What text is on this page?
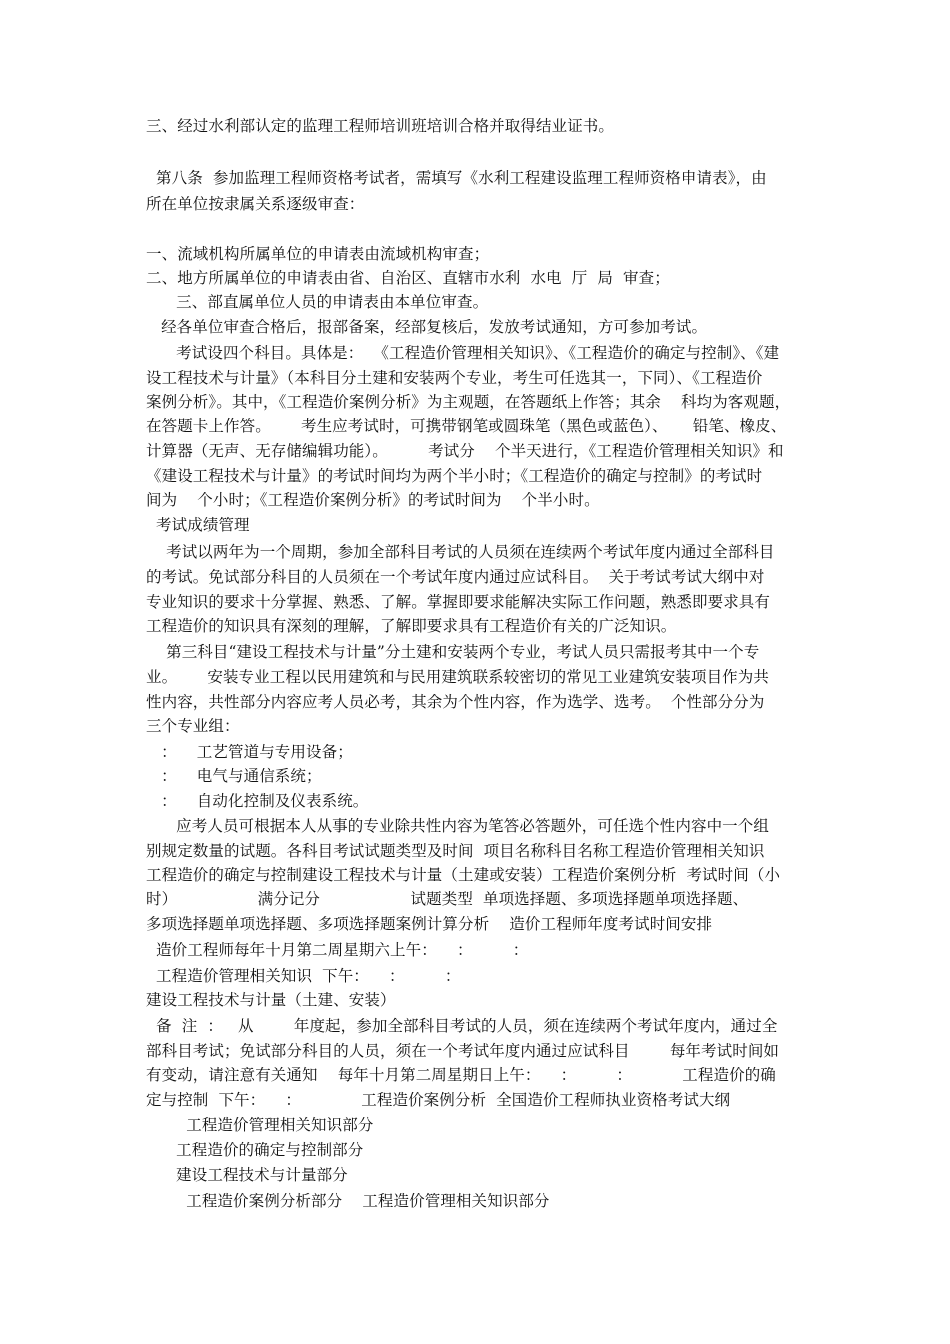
三、经过水利部认定的监理工程师培训班培训合格并取得结业证书。
第八条  参加监理工程师资格考试者，需填写《水利工程建设监理工程师资格申请表》，由
所在单位按隶属关系逐级审查：
一、流域机构所属单位的申请表由流域机构审查；
二、地方所属单位的申请表由省、自治区、直辖市水利  水电  厅  局  审查；
三、部直属单位人员的申请表由本单位审查。
经各单位审查合格后，报部备案，经部复核后，发放考试通知，方可参加考试。
考试设四个科目。具体是：  《工程造价管理相关知识》、《工程造价的确定与控制》、《建
设工程技术与计量》（本科目分土建和安装两个专业，考生可任选其一，下同）、《工程造价
案例分析》。其中，《工程造价案例分析》为主观题，在答题纸上作答；其余    科均为客观题，
在答题卡上作答。      考生应考试时，可携带钢笔或圆珠笔（黑色或蓝色）、     铅笔、橡皮、
计算器（无声、无存储编辑功能）。        考试分    个半天进行，《工程造价管理相关知识》和
《建设工程技术与计量》的考试时间均为两个半小时；《工程造价的确定与控制》的考试时
间为    个小时；《工程造价案例分析》的考试时间为    个半小时。
考试成绩管理
考试以两年为一个周期，参加全部科目考试的人员须在连续两个考试年度内通过全部科目
的考试。免试部分科目的人员须在一个考试年度内通过应试科目。  关于考试考试大纲中对
专业知识的要求十分掌握、熟悉、了解。掌握即要求能解决实际工作问题，熟悉即要求具有
工程造价的知识具有深刻的理解，了解即要求具有工程造价有关的广泛知识。
第三科目“建设工程技术与计量”分土建和安装两个专业，考试人员只需报考其中一个专
业。      安装专业工程以民用建筑和与民用建筑联系较密切的常见工业建筑安装项目作为共
性内容，共性部分内容应考人员必考，其余为个性内容，作为选学、选考。  个性部分分为
三个专业组：
：    工艺管道与专用设备；
：    电气与通信系统；
：    自动化控制及仪表系统。
应考人员可根据本人从事的专业除共性内容为笔答必答题外，可任选个性内容中一个组
别规定数量的试题。各科目考试试题类型及时间  项目名称科目名称工程造价管理相关知识
工程造价的确定与控制建设工程技术与计量（土建或安装）工程造价案例分析  考试时间（小
时）                满分记分                  试题类型  单项选择题、多项选择题单项选择题、
多项选择题单项选择题、多项选择题案例计算分析    造价工程师年度考试时间安排
造价工程师每年十月第二周星期六上午：    ：        ：
工程造价管理相关知识  下午：    ：        ：
建设工程技术与计量（土建、安装）
备  注  ：   从        年度起，参加全部科目考试的人员，须在连续两个考试年度内，通过全
部科目考试；免试部分科目的人员，须在一个考试年度内通过应试科目        每年考试时间如
有变动，请注意有关通知    每年十月第二周星期日上午：    ：        ：          工程造价的确
定与控制  下午：    ：            工程造价案例分析  全国造价工程师执业资格考试大纲
工程造价管理相关知识部分
工程造价的确定与控制部分
建设工程技术与计量部分
工程造价案例分析部分    工程造价管理相关知识部分
